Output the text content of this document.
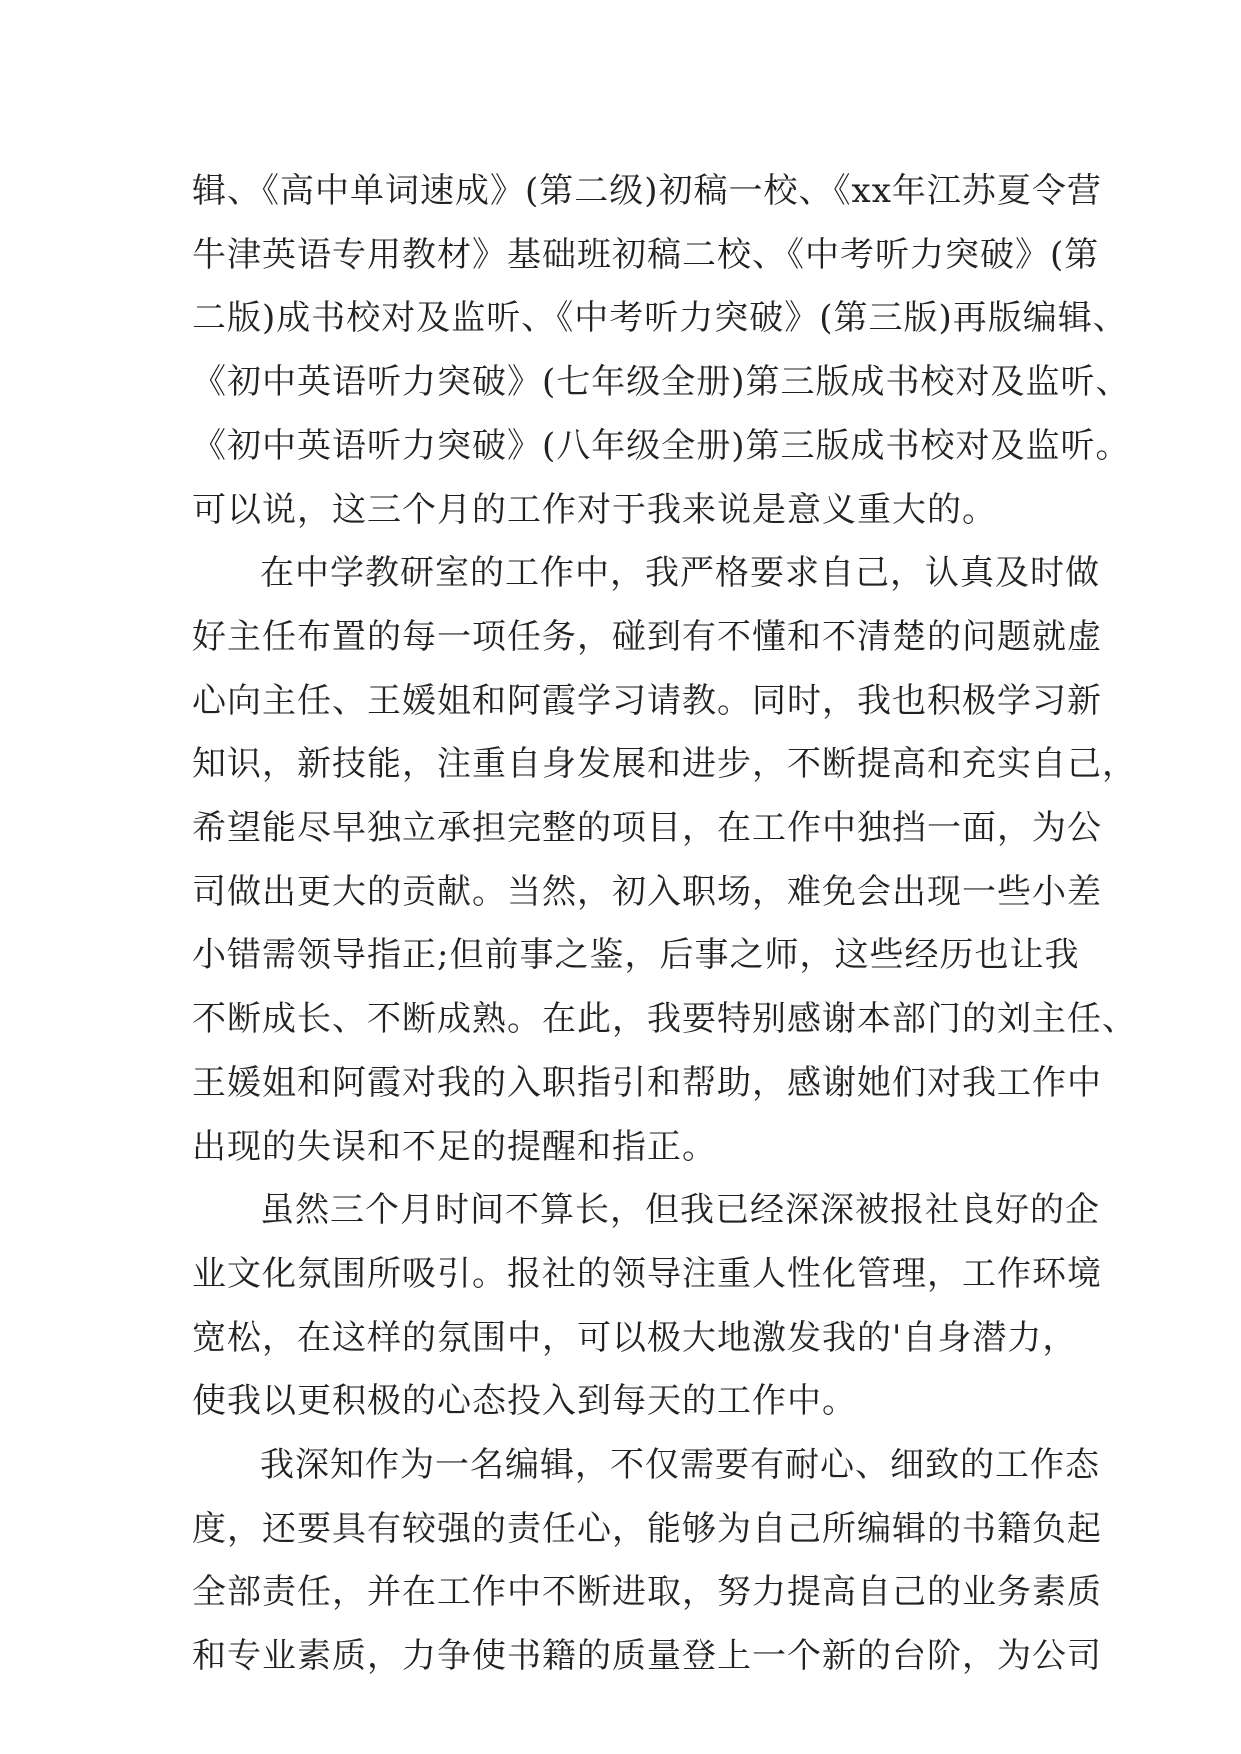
辑、《高中单词速成》(第二级)初稿一校、《xx年江苏夏令营
牛津英语专用教材》基础班初稿二校、《中考听力突破》(第
二版)成书校对及监听、《中考听力突破》(第三版)再版编辑、
《初中英语听力突破》(七年级全册)第三版成书校对及监听、
《初中英语听力突破》(八年级全册)第三版成书校对及监听。
可以说，这三个月的工作对于我来说是意义重大的。
在中学教研室的工作中，我严格要求自己，认真及时做
好主任布置的每一项任务，碰到有不懂和不清楚的问题就虚
心向主任、王媛姐和阿霞学习请教。同时，我也积极学习新
知识，新技能，注重自身发展和进步，不断提高和充实自己，
希望能尽早独立承担完整的项目，在工作中独挡一面，为公
司做出更大的贡献。当然，初入职场，难免会出现一些小差
小错需领导指正;但前事之鉴，后事之师，这些经历也让我
不断成长、不断成熟。在此，我要特别感谢本部门的刘主任、
王媛姐和阿霞对我的入职指引和帮助，感谢她们对我工作中
出现的失误和不足的提醒和指正。
虽然三个月时间不算长，但我已经深深被报社良好的企
业文化氛围所吸引。报社的领导注重人性化管理，工作环境
宽松，在这样的氛围中，可以极大地激发我的'自身潜力，
使我以更积极的心态投入到每天的工作中。
我深知作为一名编辑，不仅需要有耐心、细致的工作态
度，还要具有较强的责任心，能够为自己所编辑的书籍负起
全部责任，并在工作中不断进取，努力提高自己的业务素质
和专业素质，力争使书籍的质量登上一个新的台阶，为公司
